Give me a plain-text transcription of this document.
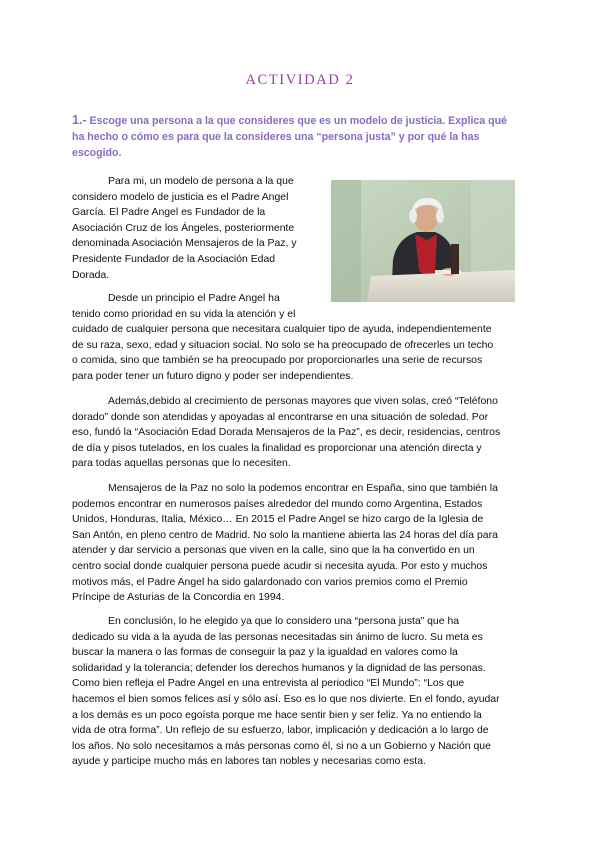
ACTIVIDAD 2
1.- Escoge una persona a la que consideres que es un modelo de justicia. Explica qué
ha hecho o cómo es para que la consideres una “persona justa” y por qué la has
escogido.
Para mi, un modelo de persona a la que
considero modelo de justicia es el Padre Angel
García. El Padre Angel es Fundador de la
Asociación Cruz de los Ángeles, posteriormente
denominada Asociación Mensajeros de la Paz, y
Presidente Fundador de la Asociación Edad
Dorada.
Desde un principio el Padre Angel ha
tenido como prioridad en su vida la atención y el
cuidado de cualquier persona que necesitara cualquier tipo de ayuda, independientemente
de su raza, sexo, edad y situacion social. No solo se ha preocupado de ofrecerles un techo
o comida, sino que también se ha preocupado por proporcionarles una serie de recursos
para poder tener un futuro digno y poder ser independientes.
Además,debido al crecimiento de personas mayores que viven solas, creó “Teléfono
dorado” donde son atendidas y apoyadas al encontrarse en una situación de soledad. Por
eso, fundó la “Asociación Edad Dorada Mensajeros de la Paz”, es decir, residencias, centros
de día y pisos tutelados, en los cuales la finalidad es proporcionar una atención directa y
para todas aquellas personas que lo necesiten.
Mensajeros de la Paz no solo la podemos encontrar en España, sino que también la
podemos encontrar en numerosos países alrededor del mundo como Argentina, Estados
Unidos, Honduras, Italia, México… En 2015 el Padre Angel se hizo cargo de la Iglesia de
San Antón, en pleno centro de Madrid. No solo la mantiene abierta las 24 horas del día para
atender y dar servicio a personas que viven en la calle, sino que la ha convertido en un
centro social donde cualquier persona puede acudir si necesita ayuda. Por esto y muchos
motivos más, el Padre Angel ha sido galardonado con varios premios como el Premio
Príncipe de Asturias de la Concordia en 1994.
En conclusión, lo he elegido ya que lo considero una “persona justa” que ha
dedicado su vida a la ayuda de las personas necesitadas sin ánimo de lucro. Su meta es
buscar la manera o las formas de conseguir la paz y la igualdad en valores como la
solidaridad y la tolerancia; defender los derechos humanos y la dignidad de las personas.
Como bien refleja el Padre Angel en una entrevista al periodico “El Mundo”: “Los que
hacemos el bien somos felices así y sólo así. Eso es lo que nos divierte. En el fondo, ayudar
a los demás es un poco egoísta porque me hace sentir bien y ser feliz. Ya no entiendo la
vida de otra forma”. Un reflejo de su esfuerzo, labor, implicación y dedicación a lo largo de
los años. No solo necesitamos a más personas como él, si no a un Gobierno y Nación que
ayude y participe mucho más en labores tan nobles y necesarias como esta.
